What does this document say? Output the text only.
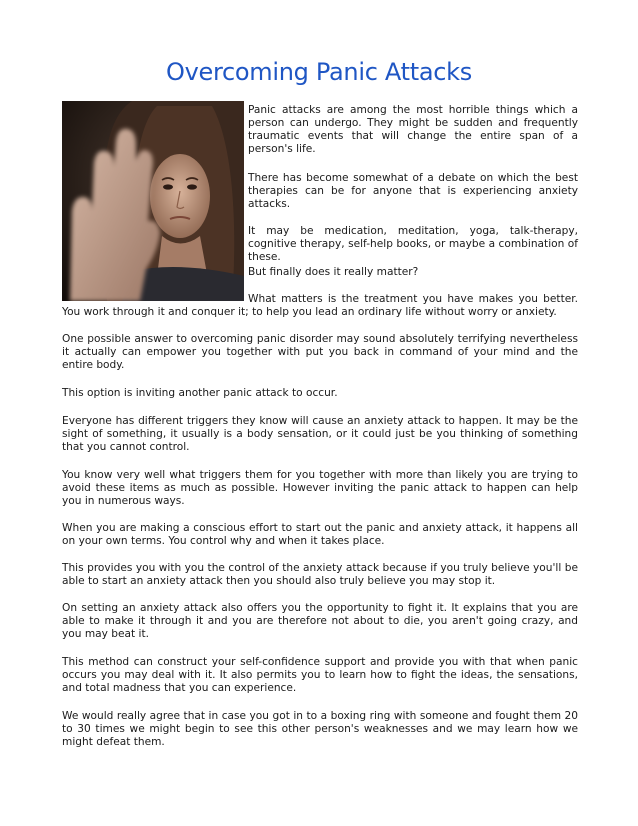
Overcoming Panic Attacks

Panic attacks are among the most horrible things which a person can undergo. They might be sudden and frequently traumatic events that will change the entire span of a person's life.

There has become somewhat of a debate on which the best therapies can be for anyone that is experiencing anxiety attacks.

It may be medication, meditation, yoga, talk-therapy, cognitive therapy, self-help books, or maybe a combination of these.

But finally does it really matter?

What matters is the treatment you have makes you better. You work through it and conquer it; to help you lead an ordinary life without worry or anxiety.

One possible answer to overcoming panic disorder may sound absolutely terrifying nevertheless it actually can empower you together with put you back in command of your mind and the entire body.

This option is inviting another panic attack to occur.

Everyone has different triggers they know will cause an anxiety attack to happen. It may be the sight of something, it usually is a body sensation, or it could just be you thinking of something that you cannot control.

You know very well what triggers them for you together with more than likely you are trying to avoid these items as much as possible. However inviting the panic attack to happen can help you in numerous ways.

When you are making a conscious effort to start out the panic and anxiety attack, it happens all on your own terms. You control why and when it takes place.

This provides you with you the control of the anxiety attack because if you truly believe you'll be able to start an anxiety attack then you should also truly believe you may stop it.

On setting an anxiety attack also offers you the opportunity to fight it. It explains that you are able to make it through it and you are therefore not about to die, you aren't going crazy, and you may beat it.

This method can construct your self-confidence support and provide you with that when panic occurs you may deal with it. It also permits you to learn how to fight the ideas, the sensations, and total madness that you can experience.

We would really agree that in case you got in to a boxing ring with someone and fought them 20 to 30 times we might begin to see this other person's weaknesses and we may learn how we might defeat them.
